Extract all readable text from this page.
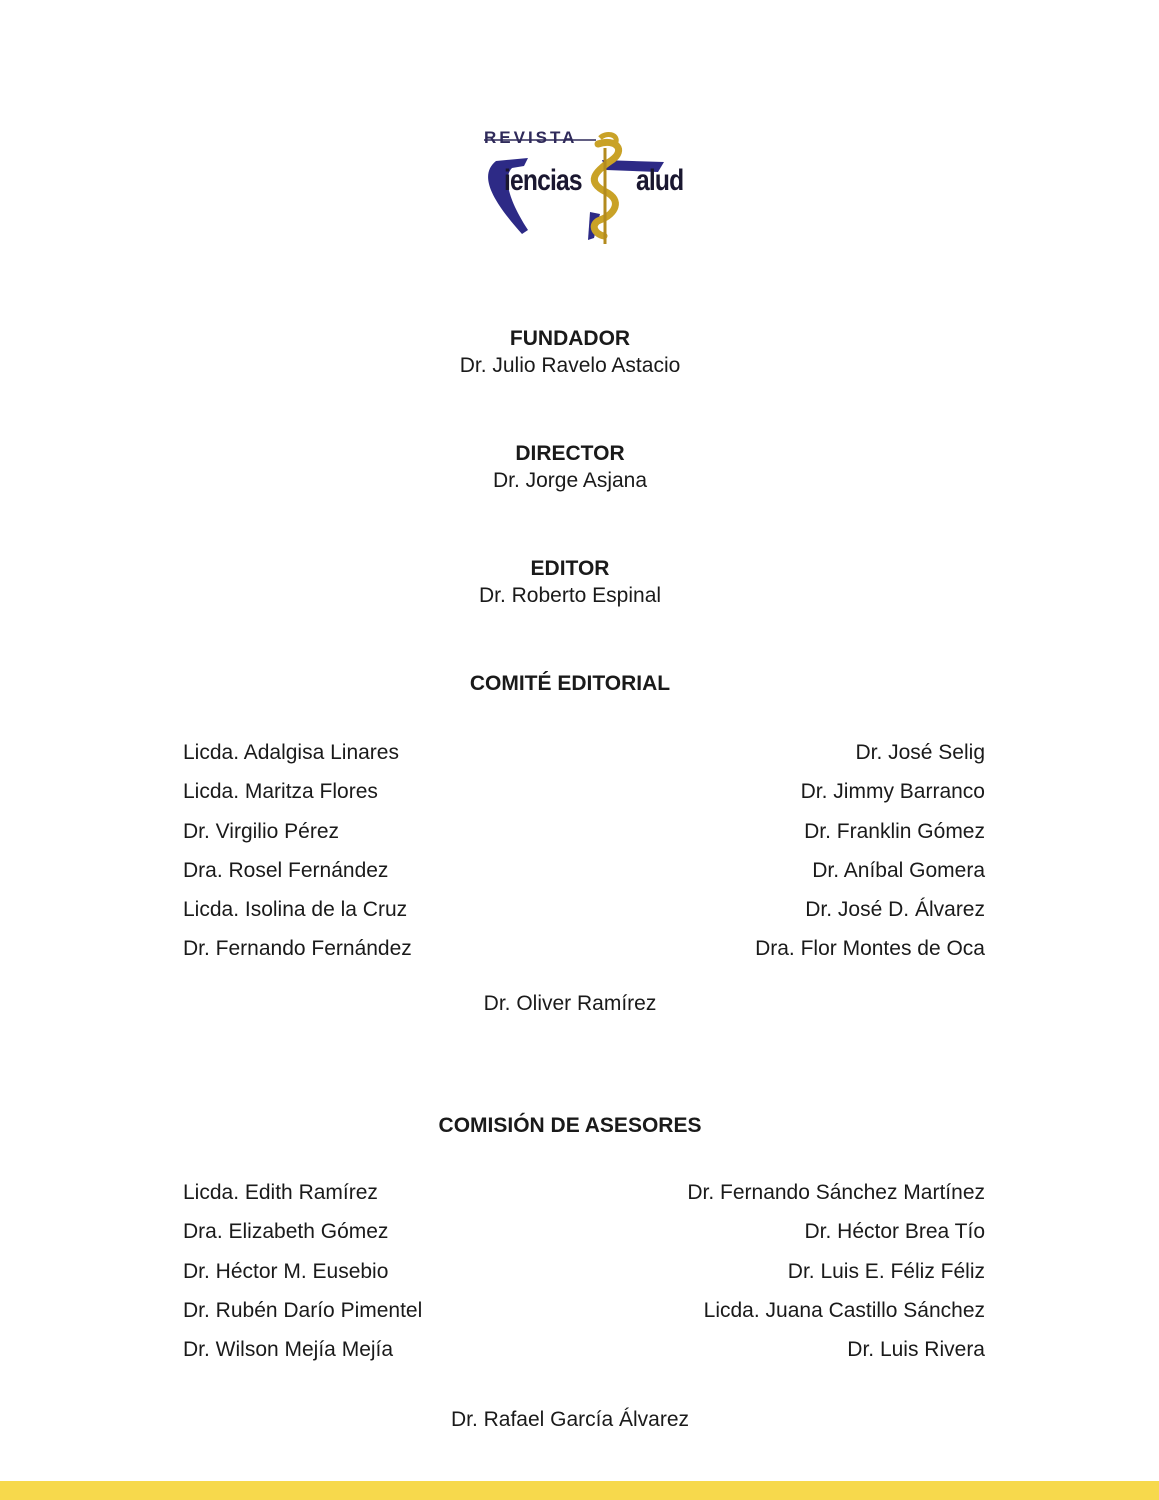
REVISTA
iencias alud
FUNDADOR
Dr. Julio Ravelo Astacio
DIRECTOR
Dr. Jorge Asjana
EDITOR
Dr. Roberto Espinal
COMITÉ EDITORIAL
Licda. Adalgisa Linares
Licda. Maritza Flores
Dr. Virgilio Pérez
Dra. Rosel Fernández
Licda. Isolina de la Cruz
Dr. Fernando Fernández
Dr. José Selig
Dr. Jimmy Barranco
Dr. Franklin Gómez
Dr. Aníbal Gomera
Dr. José D. Álvarez
Dra. Flor Montes de Oca
Dr. Oliver Ramírez
COMISIÓN DE ASESORES
Licda. Edith Ramírez
Dra. Elizabeth Gómez
Dr. Héctor M. Eusebio
Dr. Rubén Darío Pimentel
Dr. Wilson Mejía Mejía
Dr. Fernando Sánchez Martínez
Dr. Héctor Brea Tío
Dr. Luis E. Féliz Féliz
Licda. Juana Castillo Sánchez
Dr. Luis Rivera
Dr. Rafael García Álvarez
